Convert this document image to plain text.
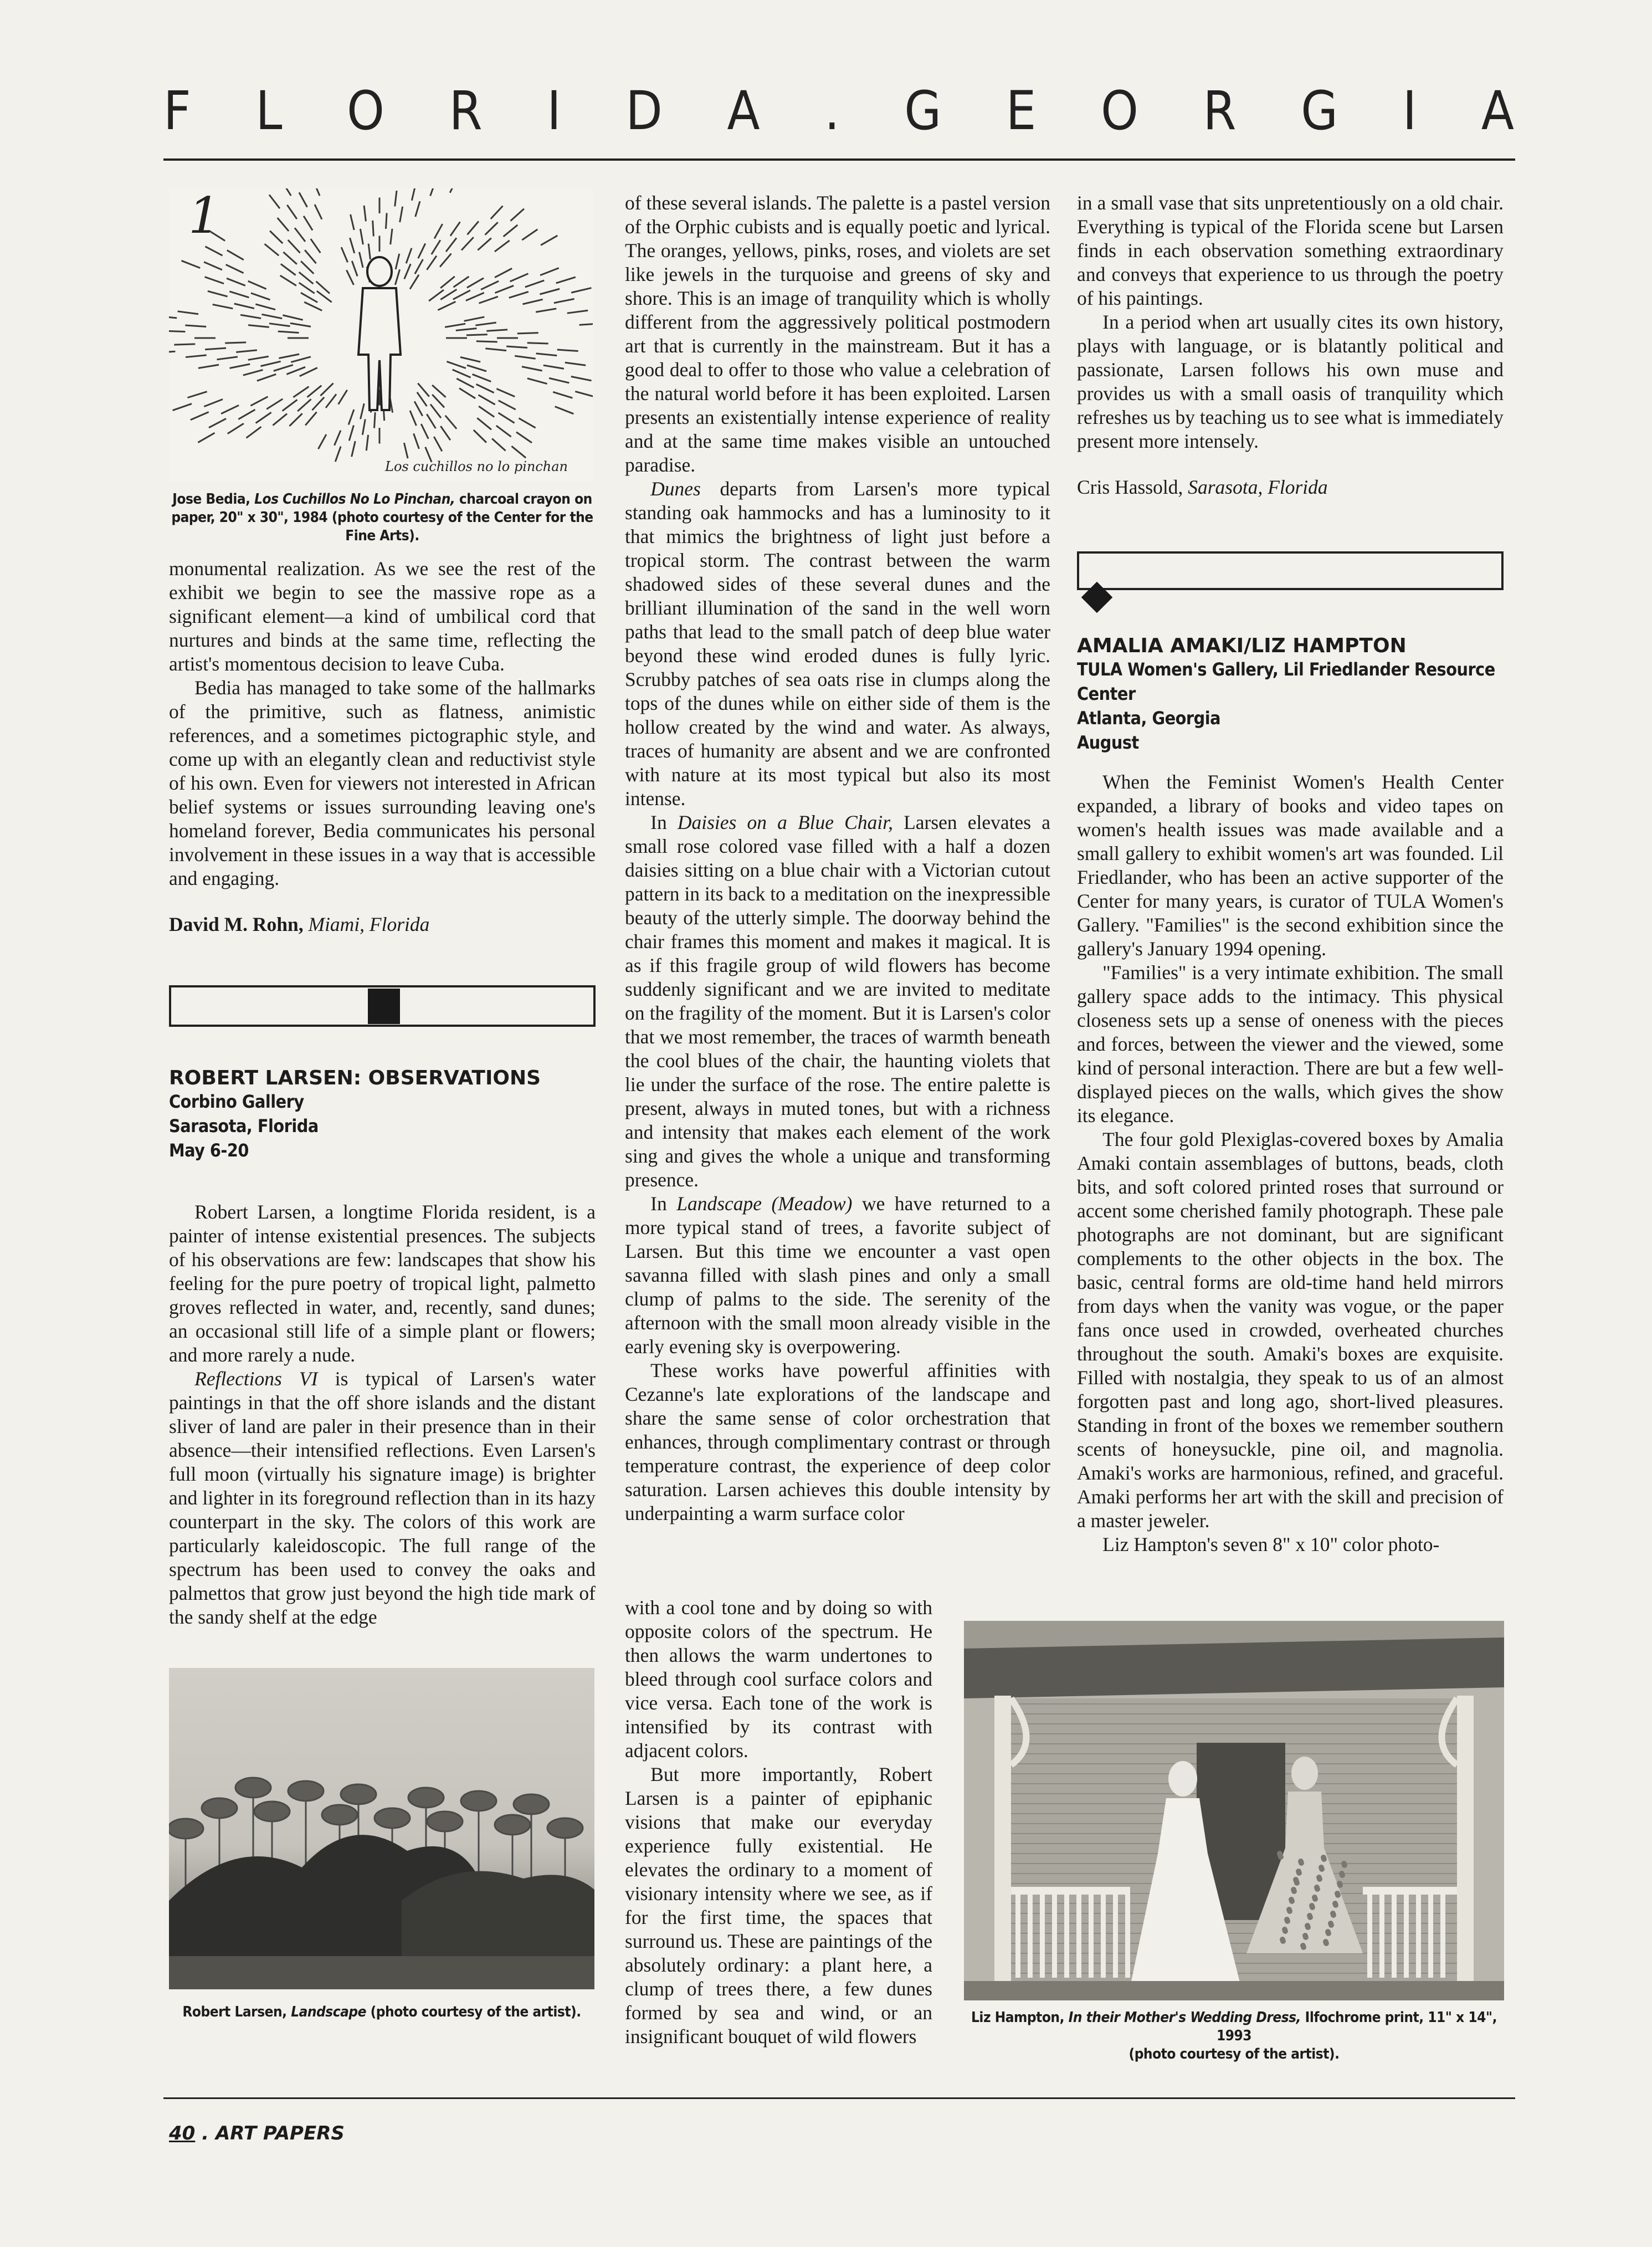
F L O R I D A . G E O R G I A
1
Los cuchillos no lo pinchan
Jose Bedia, Los Cuchillos No Lo Pinchan, charcoal crayon on paper, 20" x 30", 1984 (photo courtesy of the Center for the Fine Arts).

monumental realization. As we see the rest of the exhibit we begin to see the massive rope as a significant element—a kind of umbilical cord that nurtures and binds at the same time, reflecting the artist's momentous decision to leave Cuba.

Bedia has managed to take some of the hallmarks of the primitive, such as flatness, animistic references, and a sometimes pictographic style, and come up with an elegantly clean and reductivist style of his own. Even for viewers not interested in African belief systems or issues surrounding leaving one's homeland forever, Bedia communicates his personal involvement in these issues in a way that is accessible and engaging.

David M. Rohn, Miami, Florida

ROBERT LARSEN: OBSERVATIONS
Corbino Gallery
Sarasota, Florida
May 6-20

Robert Larsen, a longtime Florida resident, is a painter of intense existential presences. The subjects of his observations are few: landscapes that show his feeling for the pure poetry of tropical light, palmetto groves reflected in water, and, recently, sand dunes; an occasional still life of a simple plant or flowers; and more rarely a nude.

Reflections VI is typical of Larsen's water paintings in that the off shore islands and the distant sliver of land are paler in their presence than in their absence—their intensified reflections. Even Larsen's full moon (virtually his signature image) is brighter and lighter in its foreground reflection than in its hazy counterpart in the sky. The colors of this work are particularly kaleidoscopic. The full range of the spectrum has been used to convey the oaks and palmettos that grow just beyond the high tide mark of the sandy shelf at the edge

Robert Larsen, Landscape (photo courtesy of the artist).

of these several islands. The palette is a pastel version of the Orphic cubists and is equally poetic and lyrical. The oranges, yellows, pinks, roses, and violets are set like jewels in the turquoise and greens of sky and shore. This is an image of tranquility which is wholly different from the aggressively political postmodern art that is currently in the mainstream. But it has a good deal to offer to those who value a celebration of the natural world before it has been exploited. Larsen presents an existentially intense experience of reality and at the same time makes visible an untouched paradise.

Dunes departs from Larsen's more typical standing oak hammocks and has a luminosity to it that mimics the brightness of light just before a tropical storm. The contrast between the warm shadowed sides of these several dunes and the brilliant illumination of the sand in the well worn paths that lead to the small patch of deep blue water beyond these wind eroded dunes is fully lyric. Scrubby patches of sea oats rise in clumps along the tops of the dunes while on either side of them is the hollow created by the wind and water. As always, traces of humanity are absent and we are confronted with nature at its most typical but also its most intense.

In Daisies on a Blue Chair, Larsen elevates a small rose colored vase filled with a half a dozen daisies sitting on a blue chair with a Victorian cutout pattern in its back to a meditation on the inexpressible beauty of the utterly simple. The doorway behind the chair frames this moment and makes it magical. It is as if this fragile group of wild flowers has become suddenly significant and we are invited to meditate on the fragility of the moment. But it is Larsen's color that we most remember, the traces of warmth beneath the cool blues of the chair, the haunting violets that lie under the surface of the rose. The entire palette is present, always in muted tones, but with a richness and intensity that makes each element of the work sing and gives the whole a unique and transforming presence.

In Landscape (Meadow) we have returned to a more typical stand of trees, a favorite subject of Larsen. But this time we encounter a vast open savanna filled with slash pines and only a small clump of palms to the side. The serenity of the afternoon with the small moon already visible in the early evening sky is overpowering.

These works have powerful affinities with Cezanne's late explorations of the landscape and share the same sense of color orchestration that enhances, through complimentary contrast or through temperature contrast, the experience of deep color saturation. Larsen achieves this double intensity by underpainting a warm surface color

with a cool tone and by doing so with opposite colors of the spectrum. He then allows the warm undertones to bleed through cool surface colors and vice versa. Each tone of the work is intensified by its contrast with adjacent colors.

But more importantly, Robert Larsen is a painter of epiphanic visions that make our everyday experience fully existential. He elevates the ordinary to a moment of visionary intensity where we see, as if for the first time, the spaces that surround us. These are paintings of the absolutely ordinary: a plant here, a clump of trees there, a few dunes formed by sea and wind, or an insignificant bouquet of wild flowers

in a small vase that sits unpretentiously on a old chair. Everything is typical of the Florida scene but Larsen finds in each observation something extraordinary and conveys that experience to us through the poetry of his paintings.

In a period when art usually cites its own history, plays with language, or is blatantly political and passionate, Larsen follows his own muse and provides us with a small oasis of tranquility which refreshes us by teaching us to see what is immediately present more intensely.

Cris Hassold, Sarasota, Florida

AMALIA AMAKI/LIZ HAMPTON
TULA Women's Gallery, Lil Friedlander Resource Center
Atlanta, Georgia
August

When the Feminist Women's Health Center expanded, a library of books and video tapes on women's health issues was made available and a small gallery to exhibit women's art was founded. Lil Friedlander, who has been an active supporter of the Center for many years, is curator of TULA Women's Gallery. "Families" is the second exhibition since the gallery's January 1994 opening.

"Families" is a very intimate exhibition. The small gallery space adds to the intimacy. This physical closeness sets up a sense of oneness with the pieces and forces, between the viewer and the viewed, some kind of personal interaction. There are but a few well-displayed pieces on the walls, which gives the show its elegance.

The four gold Plexiglas-covered boxes by Amalia Amaki contain assemblages of buttons, beads, cloth bits, and soft colored printed roses that surround or accent some cherished family photograph. These pale photographs are not dominant, but are significant complements to the other objects in the box. The basic, central forms are old-time hand held mirrors from days when the vanity was vogue, or the paper fans once used in crowded, overheated churches throughout the south. Amaki's boxes are exquisite. Filled with nostalgia, they speak to us of an almost forgotten past and long ago, short-lived pleasures. Standing in front of the boxes we remember southern scents of honeysuckle, pine oil, and magnolia. Amaki's works are harmonious, refined, and graceful. Amaki performs her art with the skill and precision of a master jeweler.

Liz Hampton's seven 8" x 10" color photo-

Liz Hampton, In their Mother's Wedding Dress, Ilfochrome print, 11" x 14", 1993
(photo courtesy of the artist).
40 . ART PAPERS
